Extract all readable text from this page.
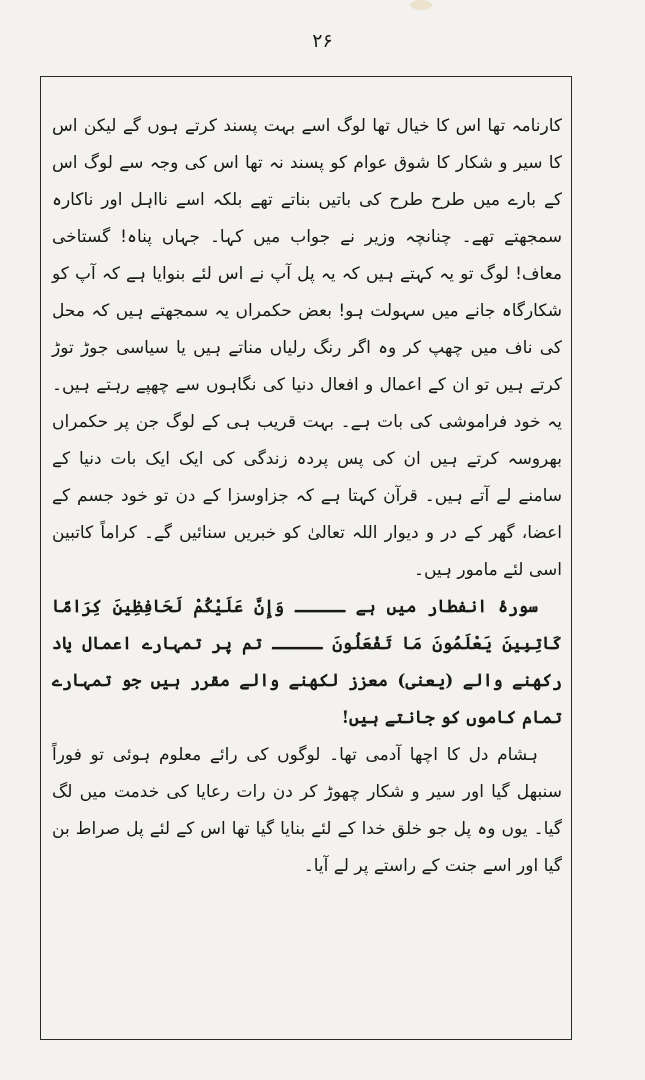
۲۶

کارنامہ تھا اس کا خیال تھا لوگ اسے بہت پسند کرتے ہوں گے لیکن اس کا سیر و شکار کا شوق عوام کو پسند نہ تھا اس کی وجہ سے لوگ اس کے بارے میں طرح طرح کی باتیں بناتے تھے بلکہ اسے نااہل اور ناکارہ سمجھتے تھے۔ چنانچہ وزیر نے جواب میں کہا۔ جہاں پناہ! گستاخی معاف! لوگ تو یہ کہتے ہیں کہ یہ پل آپ نے اس لئے بنوایا ہے کہ آپ کو شکارگاہ جانے میں سہولت ہو! بعض حکمراں یہ سمجھتے ہیں کہ محل کی ناف میں چھپ کر وہ اگر رنگ رلیاں مناتے ہیں یا سیاسی جوڑ توڑ کرتے ہیں تو ان کے اعمال و افعال دنیا کی نگاہوں سے چھپے رہتے ہیں۔ یہ خود فراموشی کی بات ہے۔ بہت قریب ہی کے لوگ جن پر حکمراں بھروسہ کرتے ہیں ان کی پس پردہ زندگی کی ایک ایک بات دنیا کے سامنے لے آتے ہیں۔ قرآن کہتا ہے کہ جزاوسزا کے دن تو خود جسم کے اعضا، گھر کے در و دیوار اللہ تعالیٰ کو خبریں سنائیں گے۔ کراماً کاتبین اسی لئے مامور ہیں۔

سورۂ انفطار میں ہے ـــــ وَإِنَّ عَلَيْكُمْ لَحَافِظِينَ كِرَامًا كَاتِبِينَ يَعْلَمُونَ مَا تَفْعَلُونَ ـــــ تم پر تمہارے اعمال یاد رکھنے والے (یعنی) معزز لکھنے والے مقرر ہیں جو تمہارے تمام کاموں کو جانتے ہیں!

ہشام دل کا اچھا آدمی تھا۔ لوگوں کی رائے معلوم ہوئی تو فوراً سنبھل گیا اور سیر و شکار چھوڑ کر دن رات رعایا کی خدمت میں لگ گیا۔ یوں وہ پل جو خلق خدا کے لئے بنایا گیا تھا اس کے لئے پل صراط بن گیا اور اسے جنت کے راستے پر لے آیا۔
